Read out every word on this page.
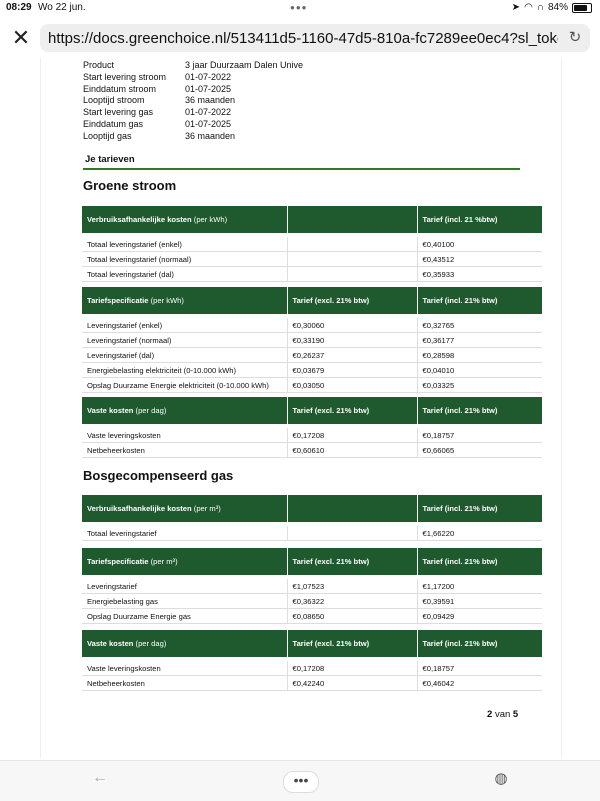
08:29 Wo 22 jun.	●●●	➤ ◠ ∩ 84%
✕
https://docs.greenchoice.nl/513411d5-1160-47d5-810a-fc7289ee0ec4?sl_token=eyJhb...	↻
Product	3 jaar Duurzaam Dalen Unive
Start levering stroom	01-07-2022
Einddatum stroom	01-07-2025
Looptijd stroom	36 maanden
Start levering gas	01-07-2022
Einddatum gas	01-07-2025
Looptijd gas	36 maanden
Je tarieven
Groene stroom
Verbruiksafhankelijke kosten (per kWh)		Tarief (incl. 21 %btw)

Totaal leveringstarief (enkel)		€0,40100
Totaal leveringstarief (normaal)		€0,43512
Totaal leveringstarief (dal)		€0,35933
Tariefspecificatie (per kWh)	Tarief (excl. 21% btw)	Tarief (incl. 21% btw)

Leveringstarief (enkel)	€0,30060	€0,32765
Leveringstarief (normaal)	€0,33190	€0,36177
Leveringstarief (dal)	€0,26237	€0,28598
Energiebelasting elektriciteit (0-10.000 kWh)	€0,03679	€0,04010
Opslag Duurzame Energie elektriciteit (0-10.000 kWh)	€0,03050	€0,03325
Vaste kosten (per dag)	Tarief (excl. 21% btw)	Tarief (incl. 21% btw)

Vaste leveringskosten	€0,17208	€0,18757
Netbeheerkosten	€0,60610	€0,66065
Bosgecompenseerd gas
Verbruiksafhankelijke kosten (per m³)		Tarief (incl. 21% btw)

Totaal leveringstarief		€1,66220
Tariefspecificatie (per m³)	Tarief (excl. 21% btw)	Tarief (incl. 21% btw)

Leveringstarief	€1,07523	€1,17200
Energiebelasting gas	€0,36322	€0,39591
Opslag Duurzame Energie gas	€0,08650	€0,09429
Vaste kosten (per dag)	Tarief (excl. 21% btw)	Tarief (incl. 21% btw)

Vaste leveringskosten	€0,17208	€0,18757
Netbeheerkosten	€0,42240	€0,46042
2 van 5
←	•••	◍
